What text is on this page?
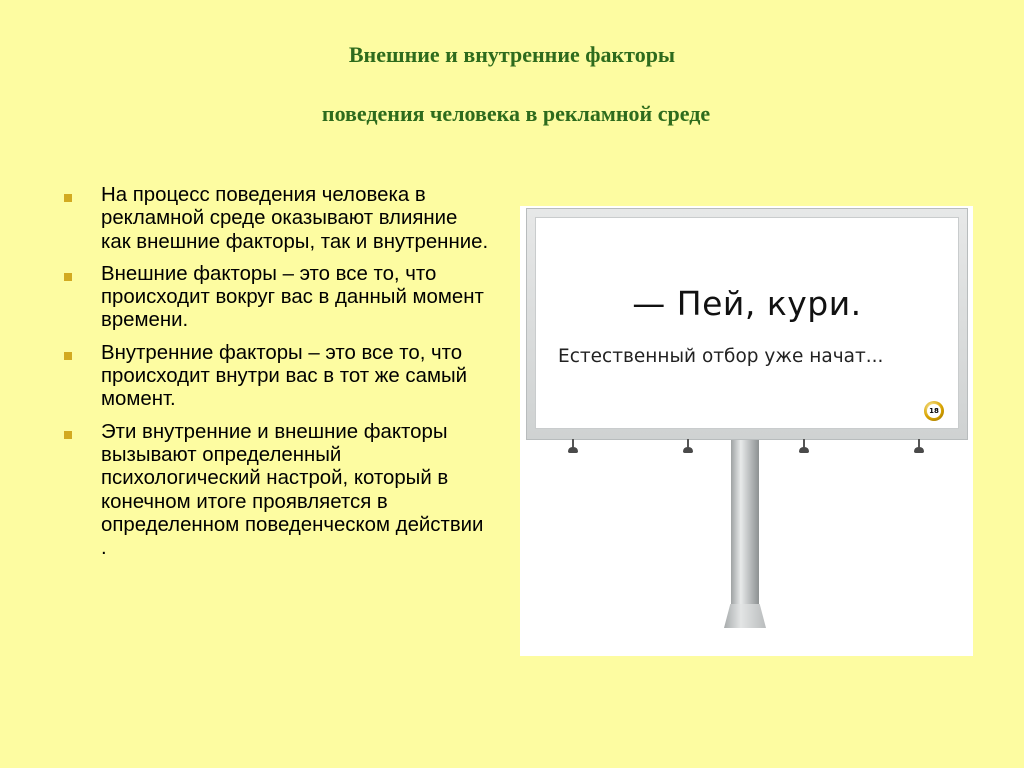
Внешние и внутренние факторы
поведения человека в рекламной среде
На процесс поведения человека в рекламной среде оказывают влияние как внешние факторы, так и внутренние.
Внешние факторы – это все то, что происходит вокруг вас в данный момент времени.
Внутренние факторы – это все то, что происходит внутри вас в тот же самый момент.
Эти внутренние и внешние факторы вызывают определенный психологический настрой, который в конечном итоге проявляется в определенном поведенческом действии .
— Пей, кури.
Естественный отбор уже начат...
18
